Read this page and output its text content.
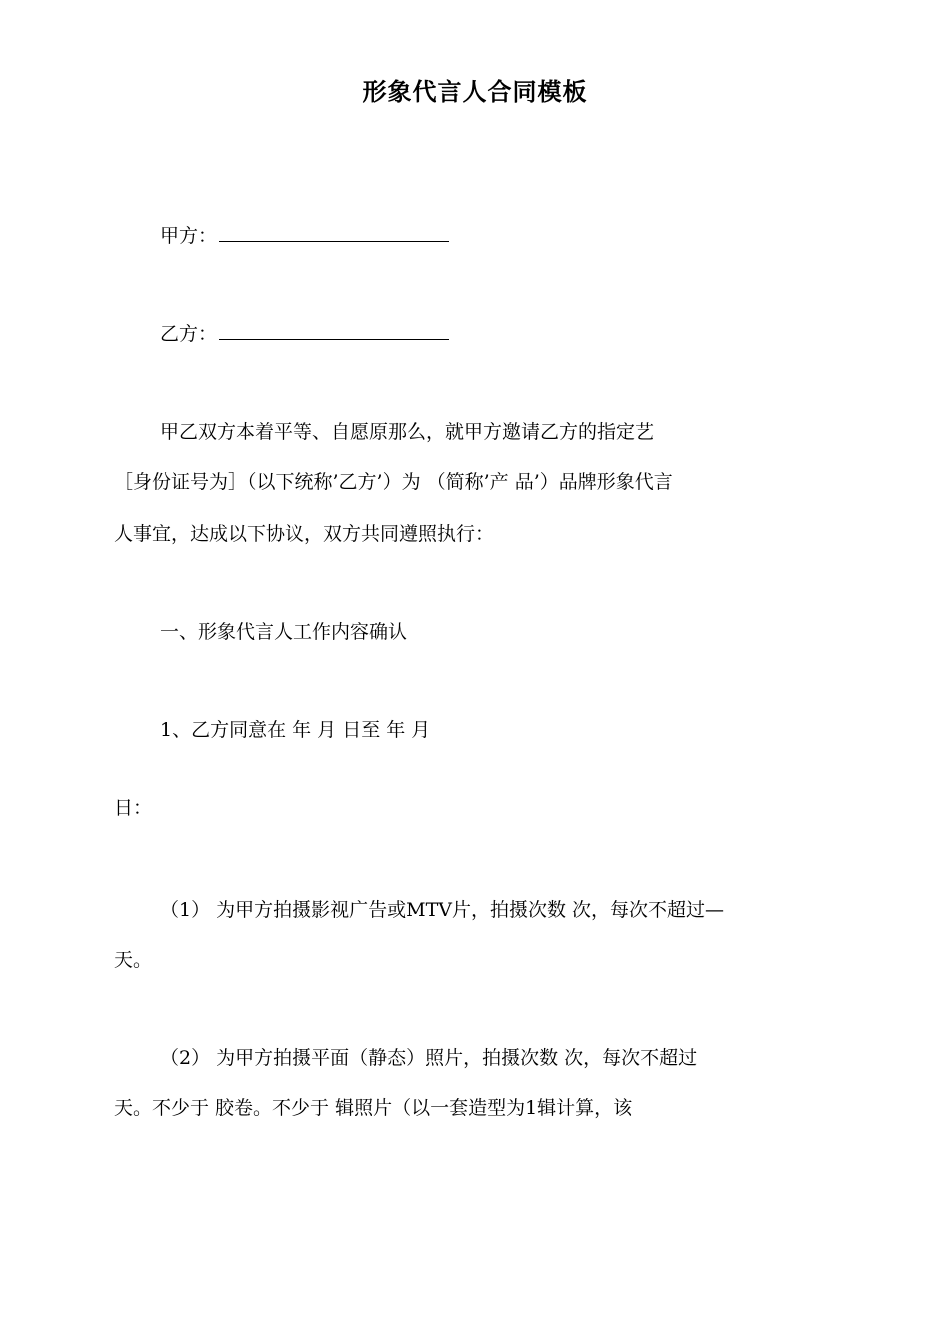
形象代言人合同模板
甲方：
乙方：
甲乙双方本着平等、自愿原那么，就甲方邀请乙方的指定艺
［身份证号为］（以下统称’乙方’）为 （简称’产 品’）品牌形象代言
人事宜，达成以下协议，双方共同遵照执行：
一、形象代言人工作内容确认
1、乙方同意在 年 月 日至 年 月
日：
（1） 为甲方拍摄影视广告或MTV片，拍摄次数 次，每次不超过—
天。
（2） 为甲方拍摄平面（静态）照片，拍摄次数 次，每次不超过
天。不少于 胶卷。不少于 辑照片（以一套造型为1辑计算，该
